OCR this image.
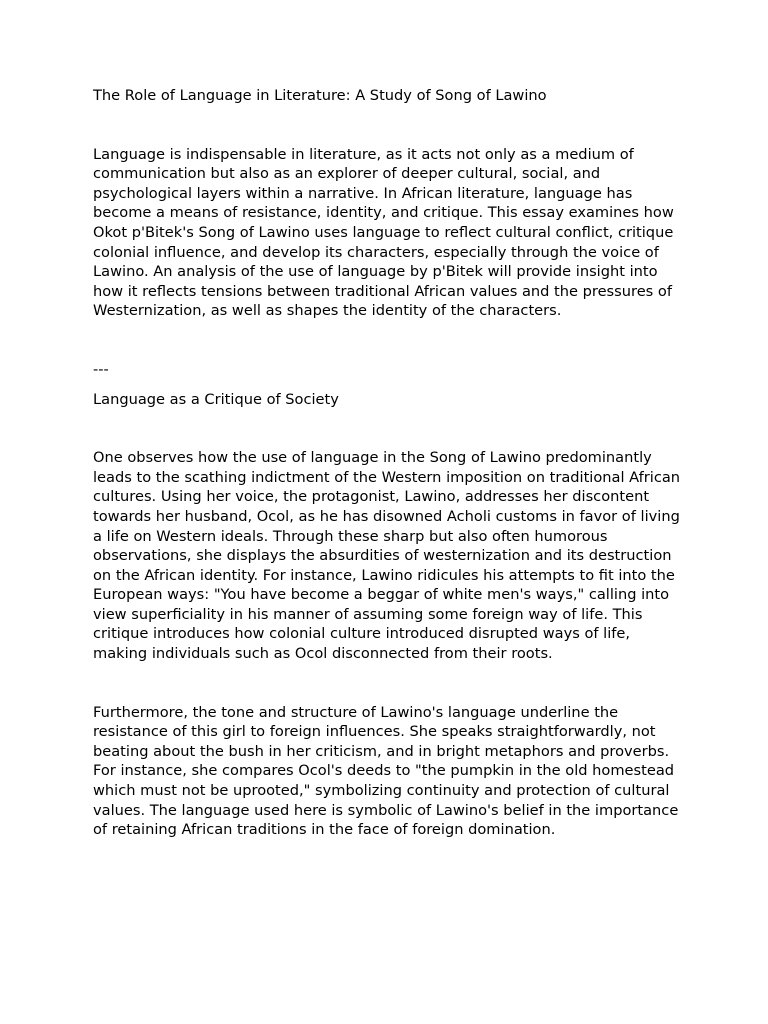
The Role of Language in Literature: A Study of Song of Lawino

Language is indispensable in literature, as it acts not only as a medium of communication but also as an explorer of deeper cultural, social, and psychological layers within a narrative. In African literature, language has become a means of resistance, identity, and critique. This essay examines how Okot p'Bitek's Song of Lawino uses language to reflect cultural conflict, critique colonial influence, and develop its characters, especially through the voice of Lawino. An analysis of the use of language by p'Bitek will provide insight into how it reflects tensions between traditional African values and the pressures of Westernization, as well as shapes the identity of the characters.

---

Language as a Critique of Society

One observes how the use of language in the Song of Lawino predominantly leads to the scathing indictment of the Western imposition on traditional African cultures. Using her voice, the protagonist, Lawino, addresses her discontent towards her husband, Ocol, as he has disowned Acholi customs in favor of living a life on Western ideals. Through these sharp but also often humorous observations, she displays the absurdities of westernization and its destruction on the African identity. For instance, Lawino ridicules his attempts to fit into the European ways: "You have become a beggar of white men's ways," calling into view superficiality in his manner of assuming some foreign way of life. This critique introduces how colonial culture introduced disrupted ways of life, making individuals such as Ocol disconnected from their roots.

Furthermore, the tone and structure of Lawino's language underline the resistance of this girl to foreign influences. She speaks straightforwardly, not beating about the bush in her criticism, and in bright metaphors and proverbs. For instance, she compares Ocol's deeds to "the pumpkin in the old homestead which must not be uprooted," symbolizing continuity and protection of cultural values. The language used here is symbolic of Lawino's belief in the importance of retaining African traditions in the face of foreign domination.
